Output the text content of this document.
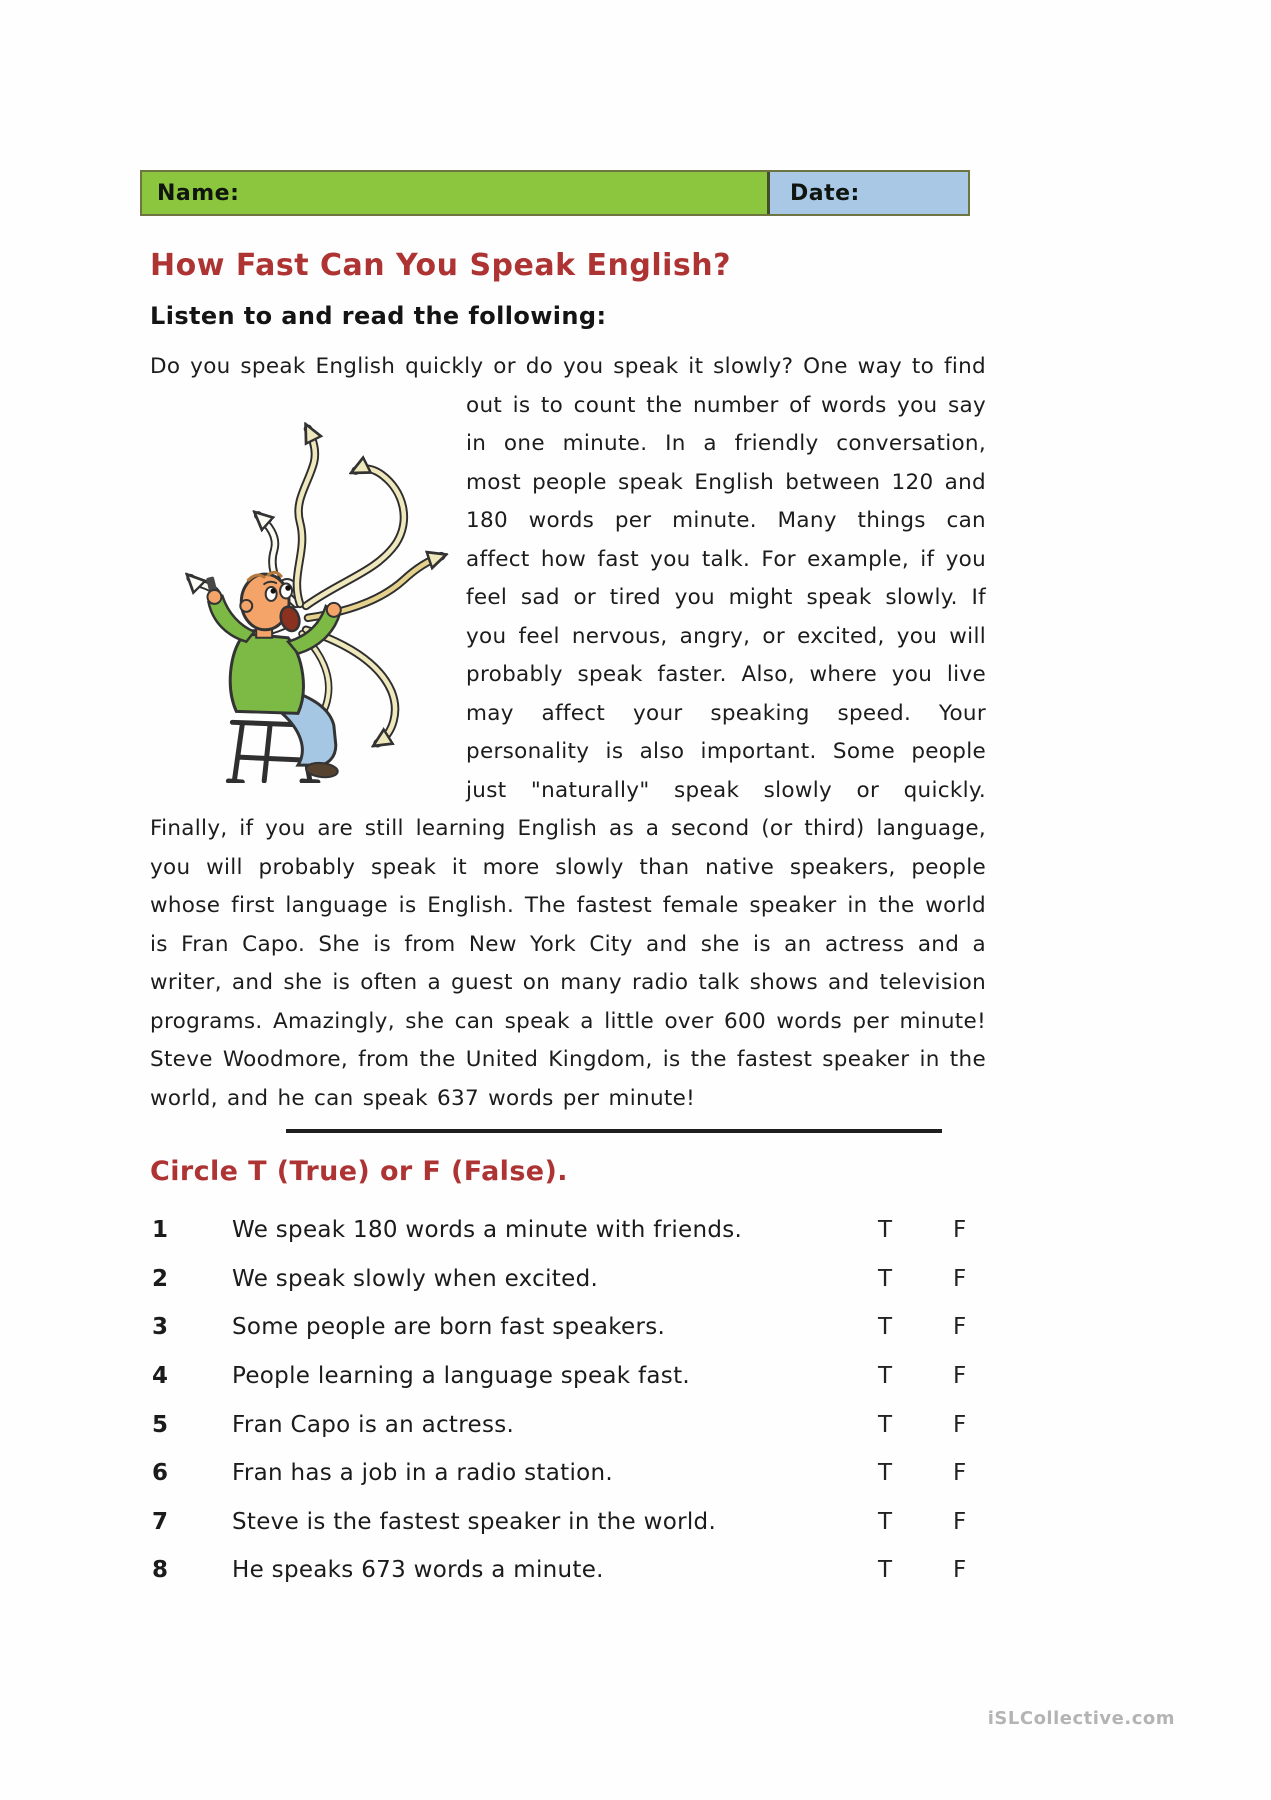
Name:	Date:
How Fast Can You Speak English?
Listen to and read the following:
Do you speak English quickly or do you speak it slowly? One way to find
out is to count the number of words you say in one minute. In a friendly conversation, most people speak English between 120 and 180 words per minute. Many things can affect how fast you talk. For example, if you feel sad or tired you might speak slowly. If you feel nervous, angry, or excited, you will probably speak faster. Also, where you live may affect your speaking speed. Your personality is also important. Some people just "naturally" speak slowly or quickly. Finally, if you are still learning English as a second (or third) language, you will probably speak it more slowly than native speakers, people whose first language is English. The fastest female speaker in the world is Fran Capo. She is from New York City and she is an actress and a writer, and she is often a guest on many radio talk shows and television programs. Amazingly, she can speak a little over 600 words per minute! Steve Woodmore, from the United Kingdom, is the fastest speaker in the world, and he can speak 637 words per minute!
Circle T (True) or F (False).
1	We speak 180 words a minute with friends.	T	F
2	We speak slowly when excited.	T	F
3	Some people are born fast speakers.	T	F
4	People learning a language speak fast.	T	F
5	Fran Capo is an actress.	T	F
6	Fran has a job in a radio station.	T	F
7	Steve is the fastest speaker in the world.	T	F
8	He speaks 673 words a minute.	T	F
iSLCollective.com
